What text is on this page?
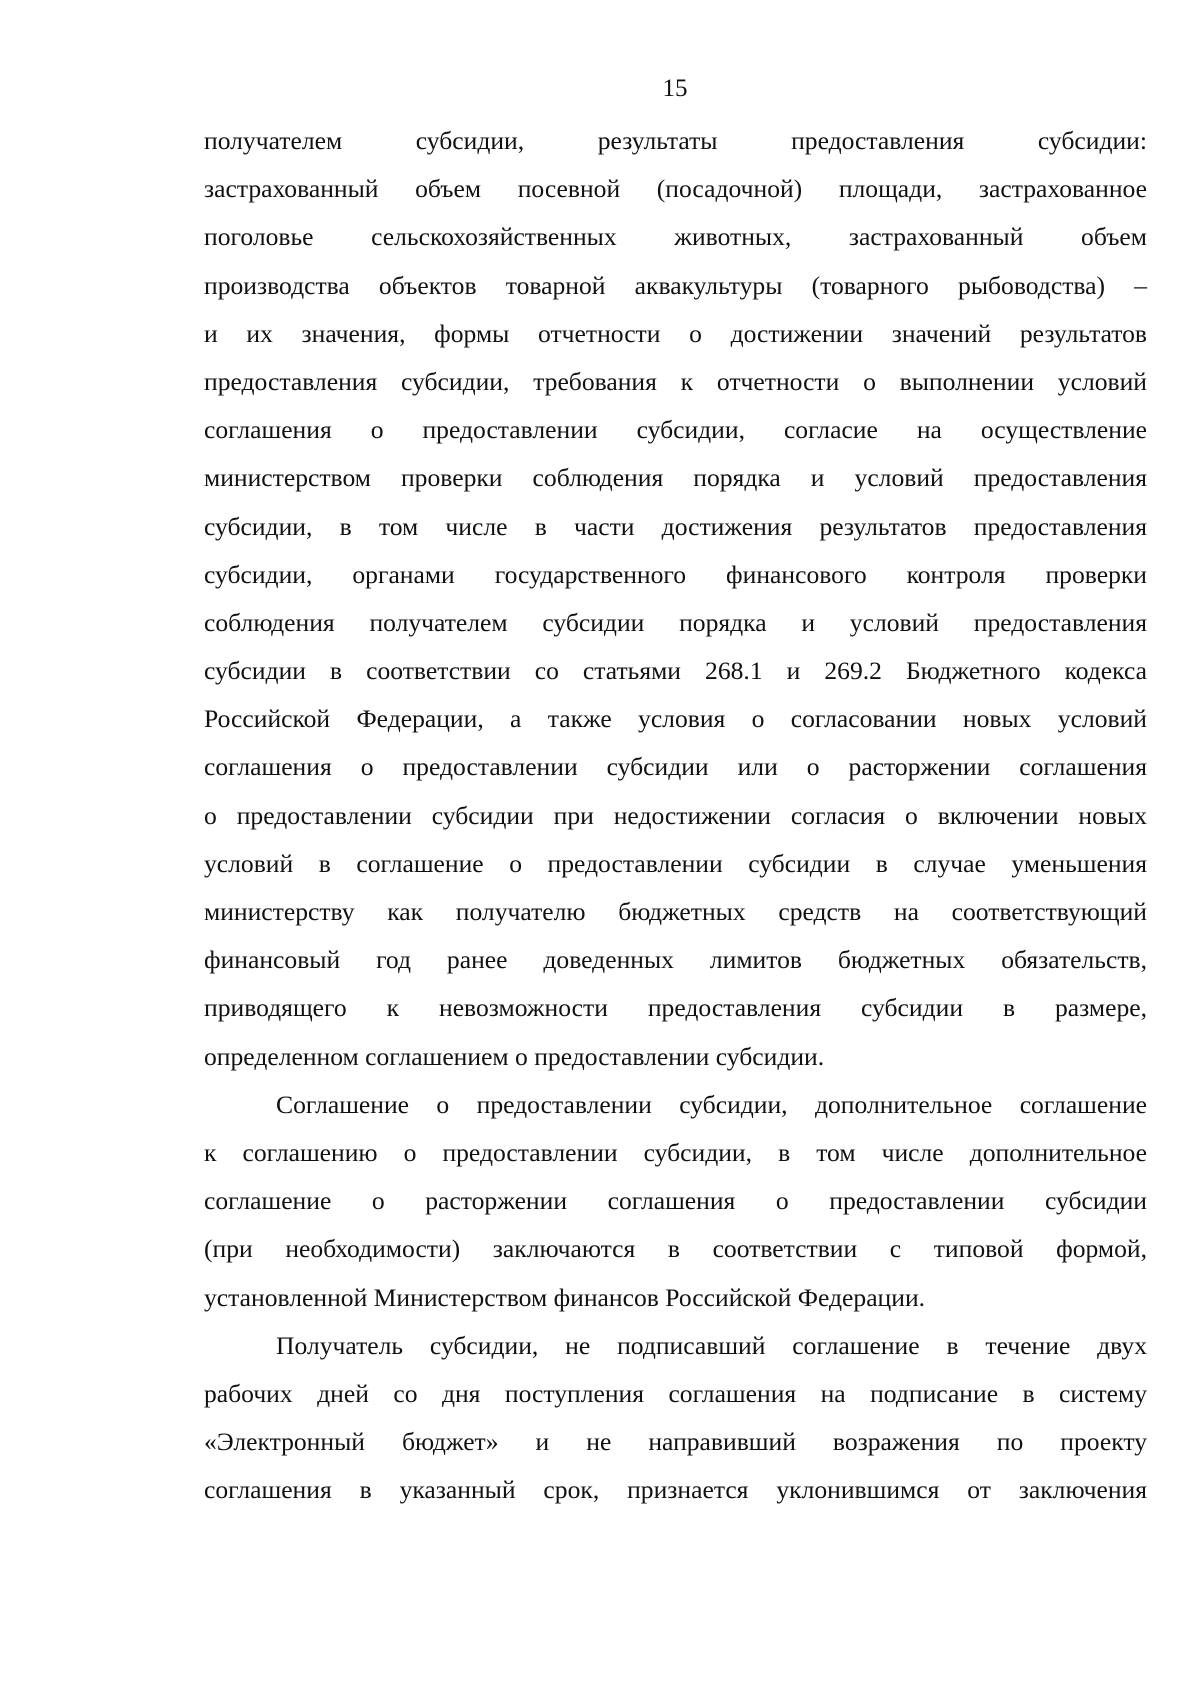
15
получателем субсидии, результаты предоставления субсидии:
застрахованный объем посевной (посадочной) площади, застрахованное
поголовье сельскохозяйственных животных, застрахованный объем
производства объектов товарной аквакультуры (товарного рыбоводства) –
и их значения, формы отчетности о достижении значений результатов
предоставления субсидии, требования к отчетности о выполнении условий
соглашения о предоставлении субсидии, согласие на осуществление
министерством проверки соблюдения порядка и условий предоставления
субсидии, в том числе в части достижения результатов предоставления
субсидии, органами государственного финансового контроля проверки
соблюдения получателем субсидии порядка и условий предоставления
субсидии в соответствии со статьями 268.1 и 269.2 Бюджетного кодекса
Российской Федерации, а также условия о согласовании новых условий
соглашения о предоставлении субсидии или о расторжении соглашения
о предоставлении субсидии при недостижении согласия о включении новых
условий в соглашение о предоставлении субсидии в случае уменьшения
министерству как получателю бюджетных средств на соответствующий
финансовый год ранее доведенных лимитов бюджетных обязательств,
приводящего к невозможности предоставления субсидии в размере,
определенном соглашением о предоставлении субсидии.
Соглашение о предоставлении субсидии, дополнительное соглашение
к соглашению о предоставлении субсидии, в том числе дополнительное
соглашение о расторжении соглашения о предоставлении субсидии
(при необходимости) заключаются в соответствии с типовой формой,
установленной Министерством финансов Российской Федерации.
Получатель субсидии, не подписавший соглашение в течение двух
рабочих дней со дня поступления соглашения на подписание в систему
«Электронный бюджет» и не направивший возражения по проекту
соглашения в указанный срок, признается уклонившимся от заключения
